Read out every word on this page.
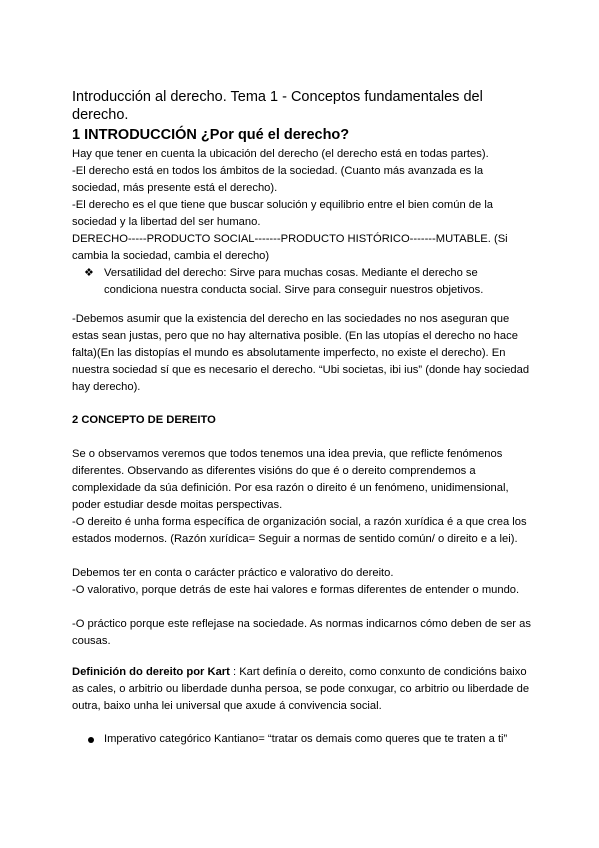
Introducción al derecho. Tema 1 - Conceptos fundamentales del derecho.

1 INTRODUCCIÓN ¿Por qué el derecho?

Hay que tener en cuenta la ubicación del derecho (el derecho está en todas partes).

-El derecho está en todos los ámbitos de la sociedad. (Cuanto más avanzada es la sociedad, más presente está el derecho).

-El derecho es el que tiene que buscar solución y equilibrio entre el bien común de la sociedad y la libertad del ser humano.

DERECHO-----PRODUCTO SOCIAL-------PRODUCTO HISTÓRICO-------MUTABLE. (Si cambia la sociedad, cambia el derecho)

❖ Versatilidad del derecho: Sirve para muchas cosas. Mediante el derecho se condiciona nuestra conducta social. Sirve para conseguir nuestros objetivos.

-Debemos asumir que la existencia del derecho en las sociedades no nos aseguran que estas sean justas, pero que no hay alternativa posible. (En las utopías el derecho no hace falta)(En las distopías el mundo es absolutamente imperfecto, no existe el derecho). En nuestra sociedad sí que es necesario el derecho. “Ubi societas, ibi ius” (donde hay sociedad hay derecho).

2 CONCEPTO DE DEREITO

Se o observamos veremos que todos tenemos una idea previa, que reflicte fenómenos diferentes. Observando as diferentes visións do que é o dereito comprendemos a complexidade da súa definición. Por esa razón o direito é un fenómeno, unidimensional, poder estudiar desde moitas perspectivas.

-O dereito é unha forma específica de organización social, a razón xurídica é a que crea los estados modernos. (Razón xurídica= Seguir a normas de sentido común/ o direito e a lei).

Debemos ter en conta o carácter práctico e valorativo do dereito.

-O valorativo, porque detrás de este hai valores e formas diferentes de entender o mundo.

-O práctico porque este reflejase na sociedade. As normas indicarnos cómo deben de ser as cousas.

Definición do dereito por Kart : Kart definía o dereito, como conxunto de condicións baixo as cales, o arbitrio ou liberdade dunha persoa, se pode conxugar, co arbitrio ou liberdade de outra, baixo unha lei universal que axude á convivencia social.

Imperativo categórico Kantiano= “tratar os demais como queres que te traten a ti”
